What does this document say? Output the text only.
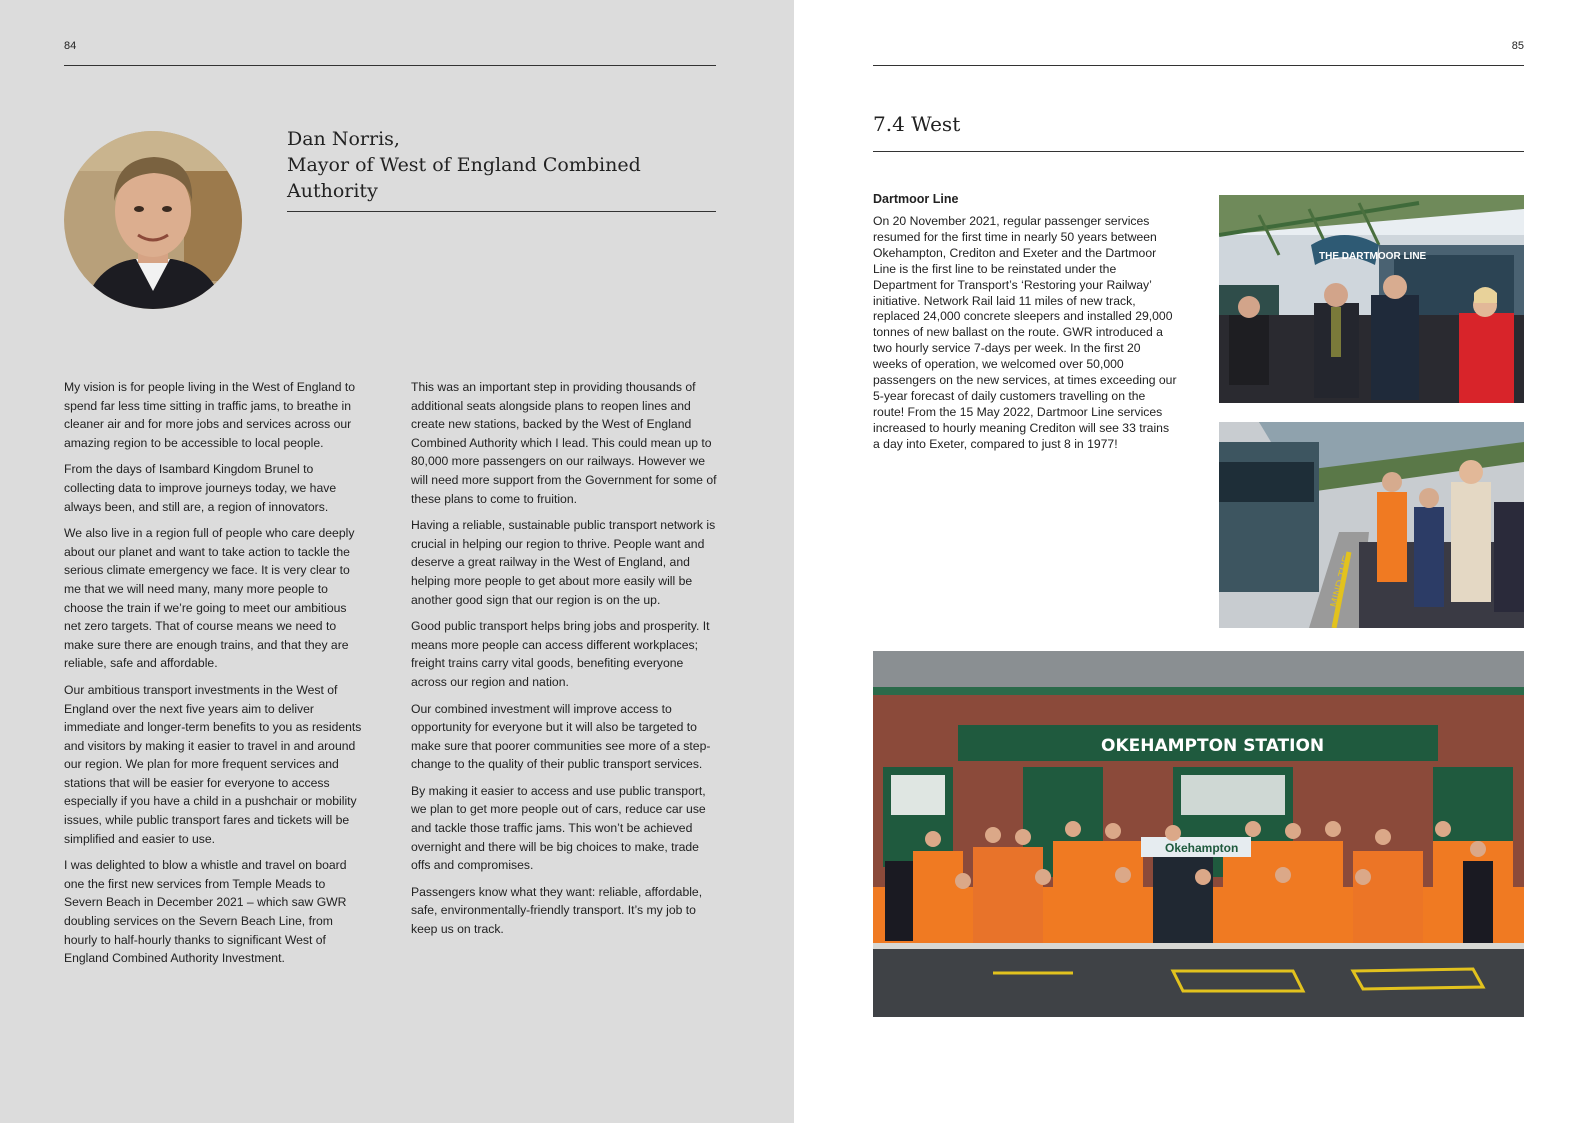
84
Dan Norris,
Mayor of West of England Combined
Authority

My vision is for people living in the West of England to spend far less time sitting in traffic jams, to breathe in cleaner air and for more jobs and services across our amazing region to be accessible to local people.

From the days of Isambard Kingdom Brunel to collecting data to improve journeys today, we have always been, and still are, a region of innovators.

We also live in a region full of people who care deeply about our planet and want to take action to tackle the serious climate emergency we face. It is very clear to me that we will need many, many more people to choose the train if we’re going to meet our ambitious net zero targets. That of course means we need to make sure there are enough trains, and that they are reliable, safe and affordable.

Our ambitious transport investments in the West of England over the next five years aim to deliver immediate and longer-term benefits to you as residents and visitors by making it easier to travel in and around our region. We plan for more frequent services and stations that will be easier for everyone to access especially if you have a child in a pushchair or mobility issues, while public transport fares and tickets will be simplified and easier to use.

I was delighted to blow a whistle and travel on board one the first new services from Temple Meads to Severn Beach in December 2021 – which saw GWR doubling services on the Severn Beach Line, from hourly to half-hourly thanks to significant West of England Combined Authority Investment.

This was an important step in providing thousands of additional seats alongside plans to reopen lines and create new stations, backed by the West of England Combined Authority which I lead. This could mean up to 80,000 more passengers on our railways. However we will need more support from the Government for some of these plans to come to fruition.

Having a reliable, sustainable public transport network is crucial in helping our region to thrive. People want and deserve a great railway in the West of England, and helping more people to get about more easily will be another good sign that our region is on the up.

Good public transport helps bring jobs and prosperity. It means more people can access different workplaces; freight trains carry vital goods, benefiting everyone across our region and nation.

Our combined investment will improve access to opportunity for everyone but it will also be targeted to make sure that poorer communities see more of a step-change to the quality of their public transport services.

By making it easier to access and use public transport, we plan to get more people out of cars, reduce car use and tackle those traffic jams. This won’t be achieved overnight and there will be big choices to make, trade offs and compromises.

Passengers know what they want: reliable, affordable, safe, environmentally-friendly transport. It’s my job to keep us on track.

85
7.4 West
Dartmoor Line
On 20 November 2021, regular passenger services resumed for the first time in nearly 50 years between Okehampton, Crediton and Exeter and the Dartmoor Line is the first line to be reinstated under the Department for Transport’s ‘Restoring your Railway’ initiative. Network Rail laid 11 miles of new track, replaced 24,000 concrete sleepers and installed 29,000 tonnes of new ballast on the route. GWR introduced a two hourly service 7-days per week. In the first 20 weeks of operation, we welcomed over 50,000 passengers on the new services, at times exceeding our 5-year forecast of daily customers travelling on the route! From the 15 May 2022, Dartmoor Line services increased to hourly meaning Crediton will see 33 trains a day into Exeter, compared to just 8 in 1977!
THE DARTMOOR LINE
MIND THE
OKEHAMPTON STATION
Okehampton
